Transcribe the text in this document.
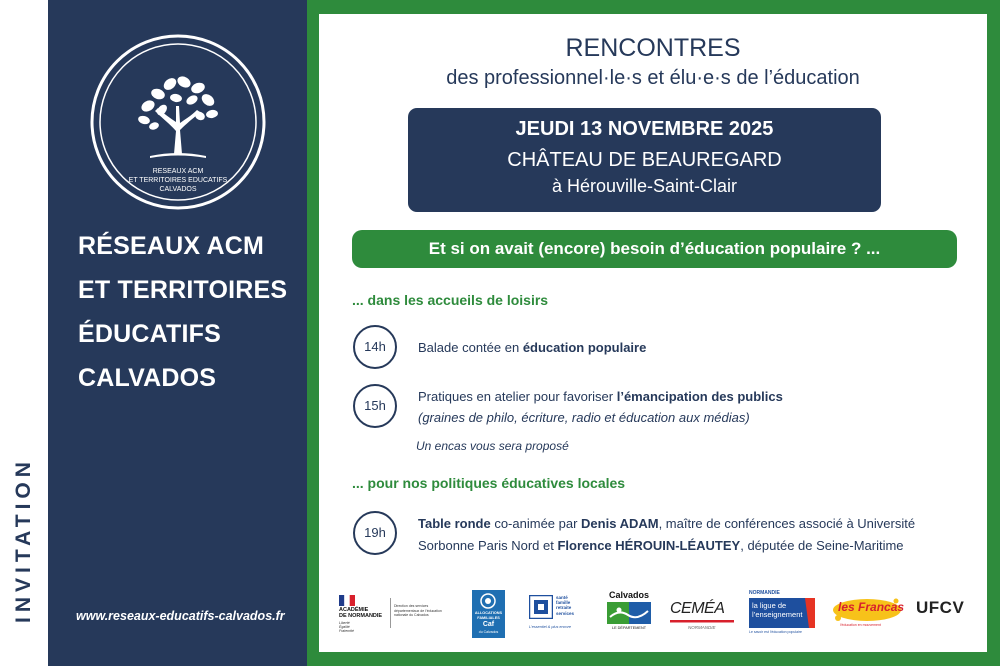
INVITATION
RESEAUX ACM
ET TERRITOIRES EDUCATIFS
CALVADOS
RÉSEAUX ACM
ET TERRITOIRES
ÉDUCATIFS
CALVADOS
www.reseaux-educatifs-calvados.fr
RENCONTRES
des professionnel·le·s et élu·e·s de l’éducation
JEUDI 13 NOVEMBRE 2025
CHÂTEAU DE BEAUREGARD
à Hérouville-Saint-Clair
Et si on avait (encore) besoin d’éducation populaire ? ...
... dans les accueils de loisirs
14h	Balade contée en éducation populaire
15h
Pratiques en atelier pour favoriser l’émancipation des publics
(graines de philo, écriture, radio et éducation aux médias)
Un encas vous sera proposé
... pour nos politiques éducatives locales
19h
Table ronde co-animée par Denis ADAM, maître de conférences associé à Université
Sorbonne Paris Nord et Florence HÉROUIN-LÉAUTEY, députée de Seine-Maritime
ACADÉMIE
DE NORMANDIE
Liberté
Égalité
Fraternité
Direction des services départementaux de l’éducation nationale du Calvados	ALLOCATIONS
FAMILIALES
Caf
du Calvados
santé
famille
retraite
services
L’essentiel & plus encore
Calvados
LE DÉPARTEMENT
CEMÉA
NORMANDIE
NORMANDIE
la ligue de
l’enseignement
Le savoir est l’éducation populaire
les Francas
l’éducation en mouvement
UFCV
